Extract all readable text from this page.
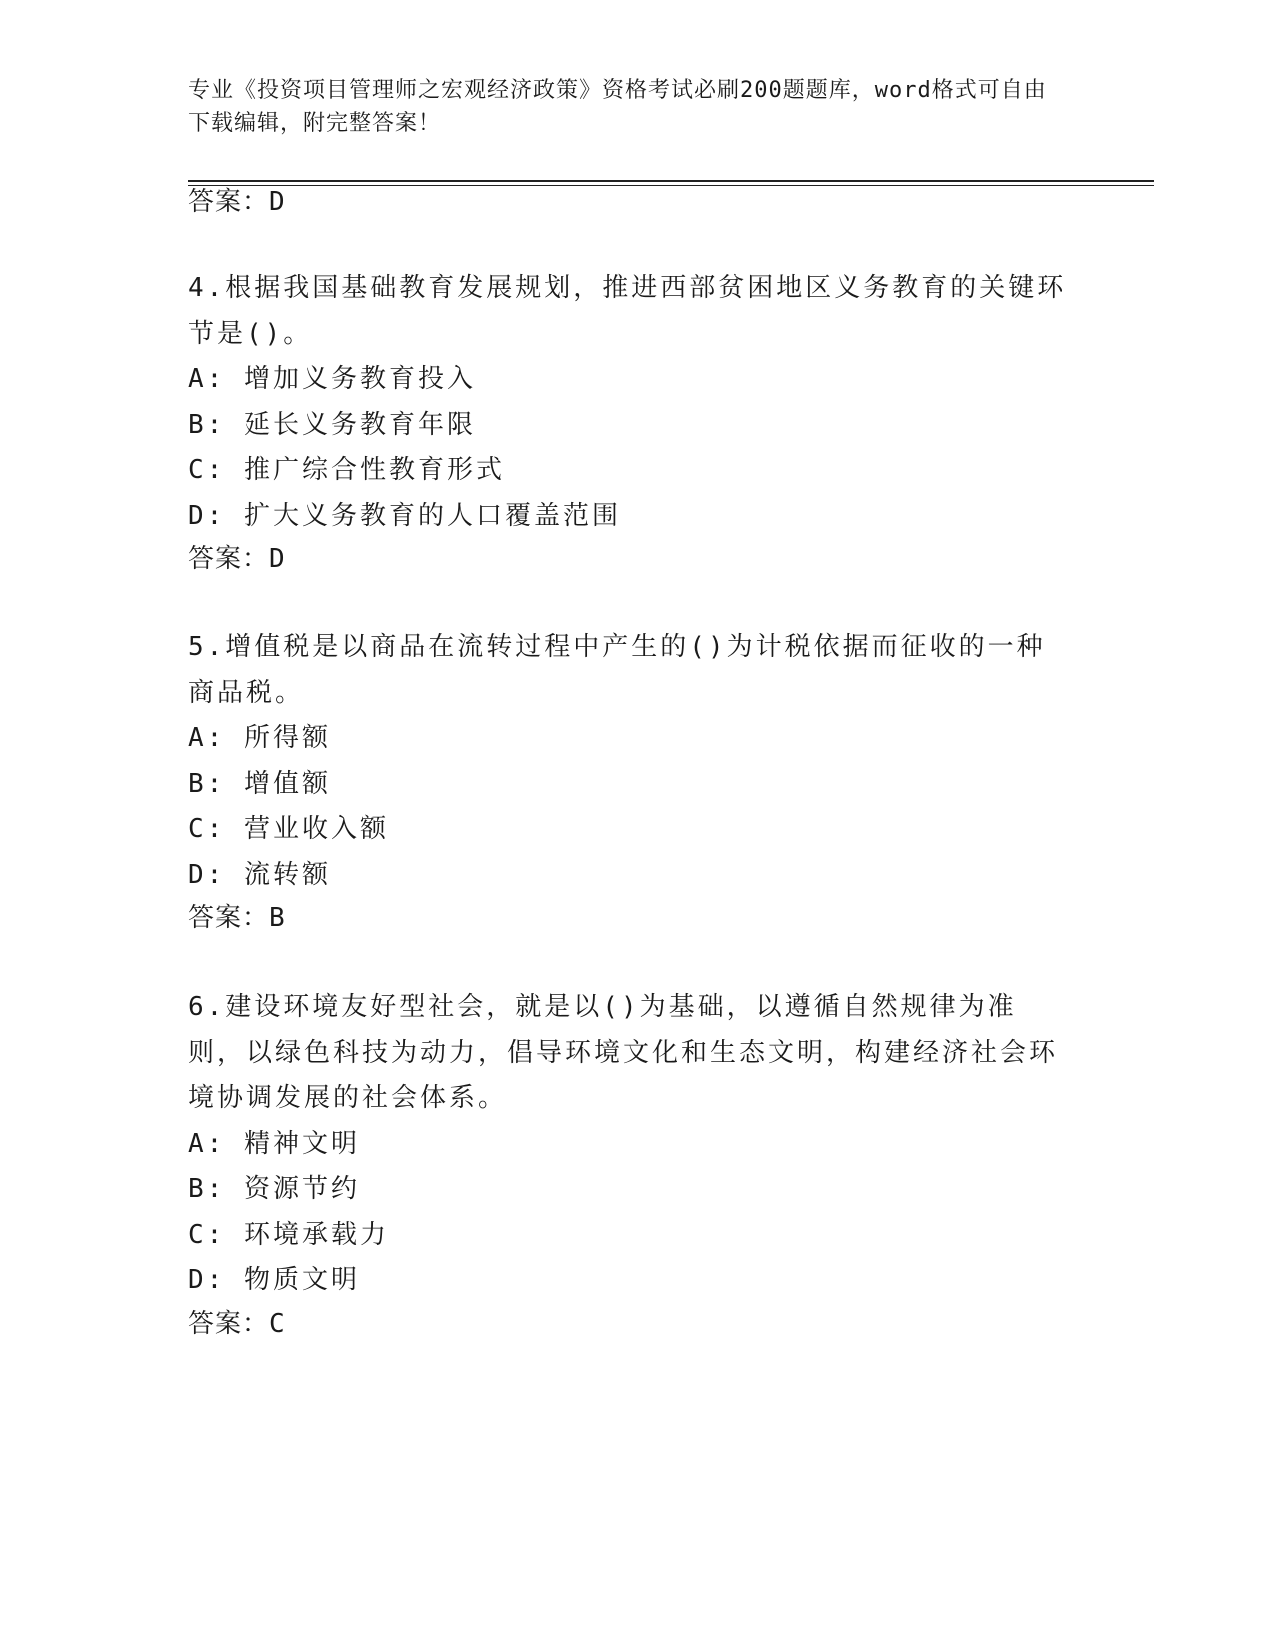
专业《投资项目管理师之宏观经济政策》资格考试必刷200题题库，word格式可自由下载编辑，附完整答案！
答案：D
4.根据我国基础教育发展规划，推进西部贫困地区义务教育的关键环节是()。
A: 增加义务教育投入
B: 延长义务教育年限
C: 推广综合性教育形式
D: 扩大义务教育的人口覆盖范围
答案：D
5.增值税是以商品在流转过程中产生的()为计税依据而征收的一种商品税。
A: 所得额
B: 增值额
C: 营业收入额
D: 流转额
答案：B
6.建设环境友好型社会，就是以()为基础，以遵循自然规律为准则，以绿色科技为动力，倡导环境文化和生态文明，构建经济社会环境协调发展的社会体系。
A: 精神文明
B: 资源节约
C: 环境承载力
D: 物质文明
答案：C
